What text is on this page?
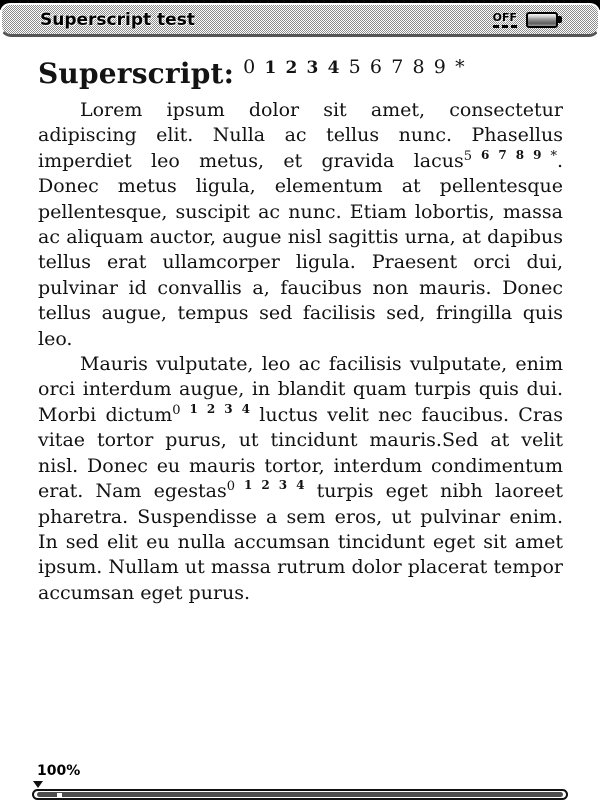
Superscript test	OFF
Superscript: $^0$ $^1$ $^2$ $^3$ $^4$ $^5$ $^6$ $^7$ $^8$ $^9$ *

Lorem ipsum dolor sit amet, consectetur adipiscing elit. Nulla ac tellus nunc. Phasellus imperdiet leo metus, et gravida lacus$^5$ $^6$ $^7$ $^8$ $^9$ *. Donec metus ligula, elementum at pellentesque pellentesque, suscipit ac nunc. Etiam lobortis, massa ac aliquam auctor, augue nisl sagittis urna, at dapibus tellus erat ullamcorper ligula. Praesent orci dui, pulvinar id convallis a, faucibus non mauris. Donec tellus augue, tempus sed facilisis sed, fringilla quis leo.

Mauris vulputate, leo ac facilisis vulputate, enim orci interdum augue, in blandit quam turpis quis dui. Morbi dictum$^0$ $^1$ $^2$ $^3$ $^4$ luctus velit nec faucibus. Cras vitae tortor purus, ut tincidunt mauris.Sed at velit nisl. Donec eu mauris tortor, interdum condimentum erat. Nam egestas$^0$ $^1$ $^2$ $^3$ $^4$ turpis eget nibh laoreet pharetra. Suspendisse a sem eros, ut pulvinar enim. In sed elit eu nulla accumsan tincidunt eget sit amet ipsum. Nullam ut massa rutrum dolor placerat tempor accumsan eget purus.

100%
